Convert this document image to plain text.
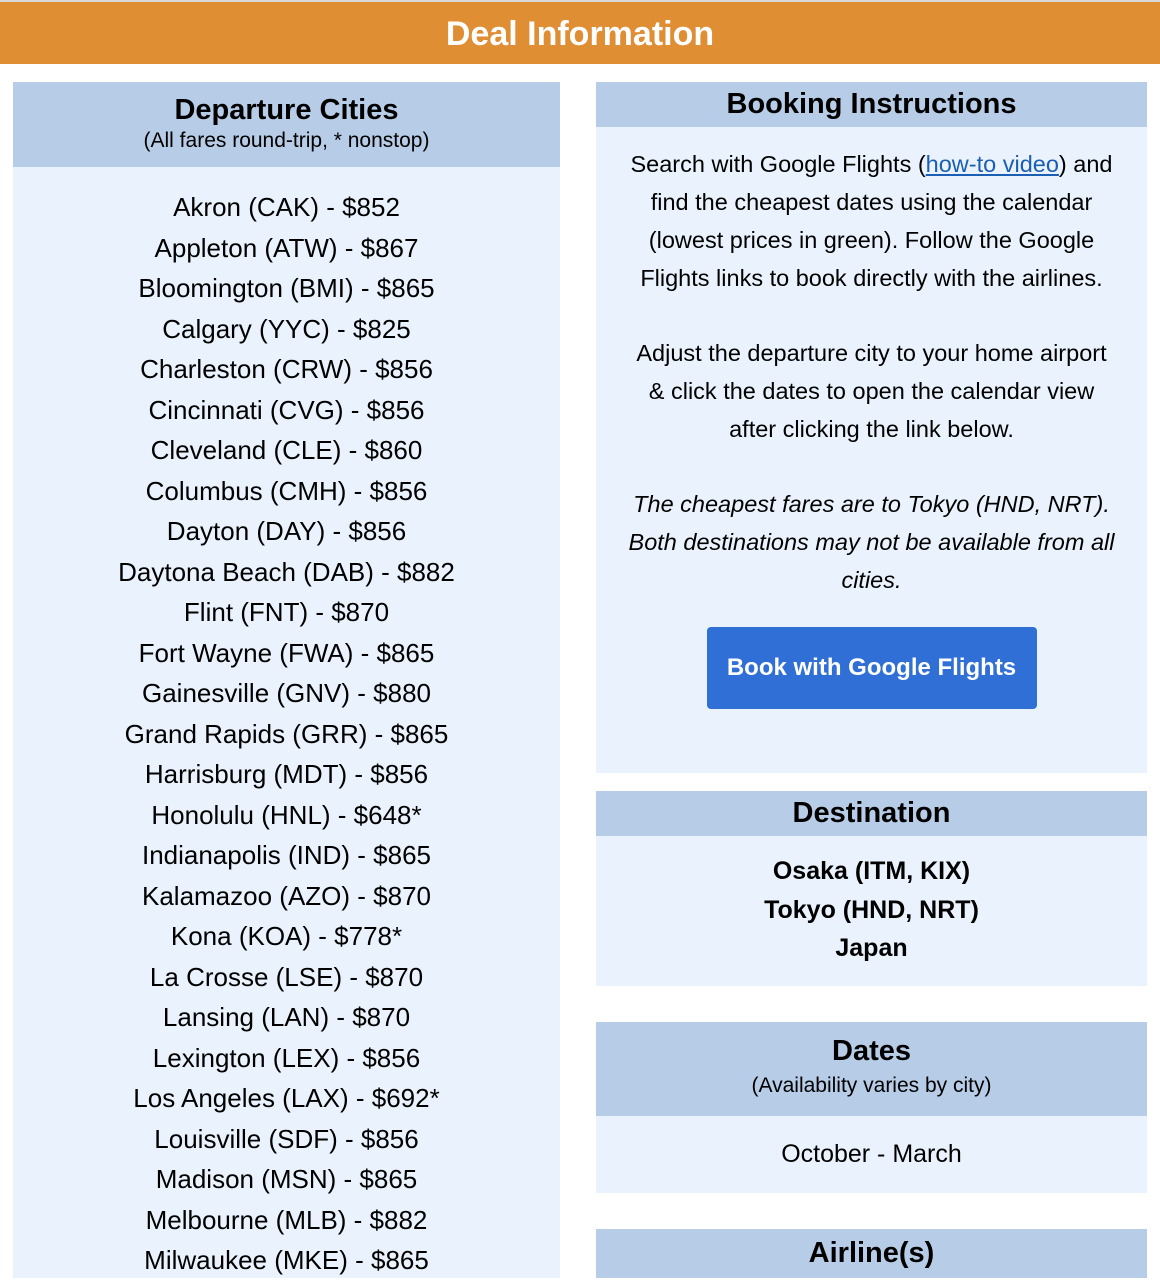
Deal Information
Departure Cities
(All fares round-trip, * nonstop)
Akron (CAK) - $852
Appleton (ATW) - $867
Bloomington (BMI) - $865
Calgary (YYC) - $825
Charleston (CRW) - $856
Cincinnati (CVG) - $856
Cleveland (CLE) - $860
Columbus (CMH) - $856
Dayton (DAY) - $856
Daytona Beach (DAB) - $882
Flint (FNT) - $870
Fort Wayne (FWA) - $865
Gainesville (GNV) - $880
Grand Rapids (GRR) - $865
Harrisburg (MDT) - $856
Honolulu (HNL) - $648*
Indianapolis (IND) - $865
Kalamazoo (AZO) - $870
Kona (KOA) - $778*
La Crosse (LSE) - $870
Lansing (LAN) - $870
Lexington (LEX) - $856
Los Angeles (LAX) - $692*
Louisville (SDF) - $856
Madison (MSN) - $865
Melbourne (MLB) - $882
Milwaukee (MKE) - $865
Booking Instructions

Search with Google Flights (how-to video) and find the cheapest dates using the calendar (lowest prices in green). Follow the Google Flights links to book directly with the airlines.

Adjust the departure city to your home airport & click the dates to open the calendar view after clicking the link below.

The cheapest fares are to Tokyo (HND, NRT). Both destinations may not be available from all cities.

Book with Google Flights
Destination
Osaka (ITM, KIX)
Tokyo (HND, NRT)
Japan
Dates
(Availability varies by city)
October - March
Airline(s)
